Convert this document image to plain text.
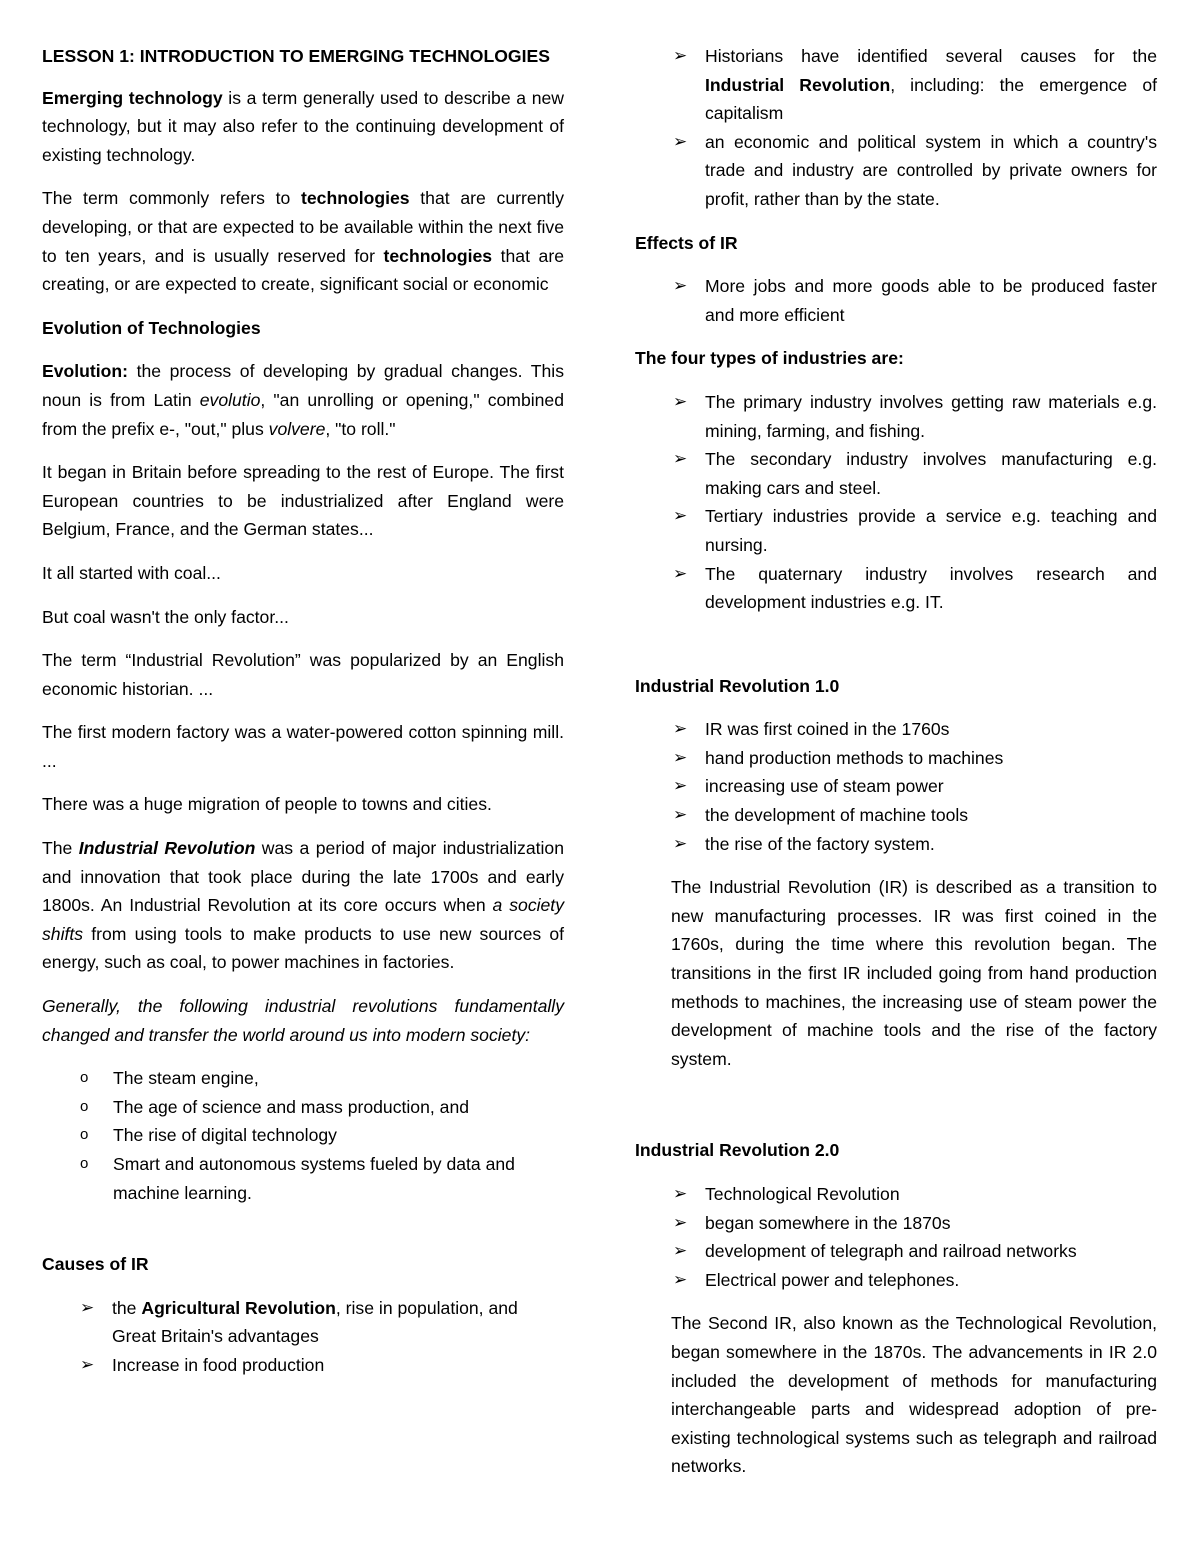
LESSON 1: INTRODUCTION TO EMERGING TECHNOLOGIES

Emerging technology is a term generally used to describe a new technology, but it may also refer to the continuing development of existing technology.

The term commonly refers to technologies that are currently developing, or that are expected to be available within the next five to ten years, and is usually reserved for technologies that are creating, or are expected to create, significant social or economic

Evolution of Technologies

Evolution: the process of developing by gradual changes. This noun is from Latin evolutio, "an unrolling or opening," combined from the prefix e-, "out," plus volvere, "to roll."

It began in Britain before spreading to the rest of Europe. The first European countries to be industrialized after England were Belgium, France, and the German states...

It all started with coal...

But coal wasn't the only factor...

The term “Industrial Revolution” was popularized by an English economic historian. ...

The first modern factory was a water-powered cotton spinning mill. ...

There was a huge migration of people to towns and cities.

The Industrial Revolution was a period of major industrialization and innovation that took place during the late 1700s and early 1800s. An Industrial Revolution at its core occurs when a society shifts from using tools to make products to use new sources of energy, such as coal, to power machines in factories.

Generally, the following industrial revolutions fundamentally changed and transfer the world around us into modern society:

o The steam engine,
o The age of science and mass production, and
o The rise of digital technology
o Smart and autonomous systems fueled by data and machine learning.
Causes of IR
➢ the Agricultural Revolution, rise in population, and Great Britain's advantages
➢ Increase in food production
➢ Historians have identified several causes for the Industrial Revolution, including: the emergence of capitalism
➢ an economic and political system in which a country's trade and industry are controlled by private owners for profit, rather than by the state.
Effects of IR
➢ More jobs and more goods able to be produced faster and more efficient
The four types of industries are:
➢ The primary industry involves getting raw materials e.g. mining, farming, and fishing.
➢ The secondary industry involves manufacturing e.g. making cars and steel.
➢ Tertiary industries provide a service e.g. teaching and nursing.
➢ The quaternary industry involves research and development industries e.g. IT.
Industrial Revolution 1.0
➢ IR was first coined in the 1760s
➢ hand production methods to machines
➢ increasing use of steam power
➢ the development of machine tools
➢ the rise of the factory system.

The Industrial Revolution (IR) is described as a transition to new manufacturing processes. IR was first coined in the 1760s, during the time where this revolution began. The transitions in the first IR included going from hand production methods to machines, the increasing use of steam power the development of machine tools and the rise of the factory system.

Industrial Revolution 2.0
➢ Technological Revolution
➢ began somewhere in the 1870s
➢ development of telegraph and railroad networks
➢ Electrical power and telephones.

The Second IR, also known as the Technological Revolution, began somewhere in the 1870s. The advancements in IR 2.0 included the development of methods for manufacturing interchangeable parts and widespread adoption of pre-existing technological systems such as telegraph and railroad networks.
